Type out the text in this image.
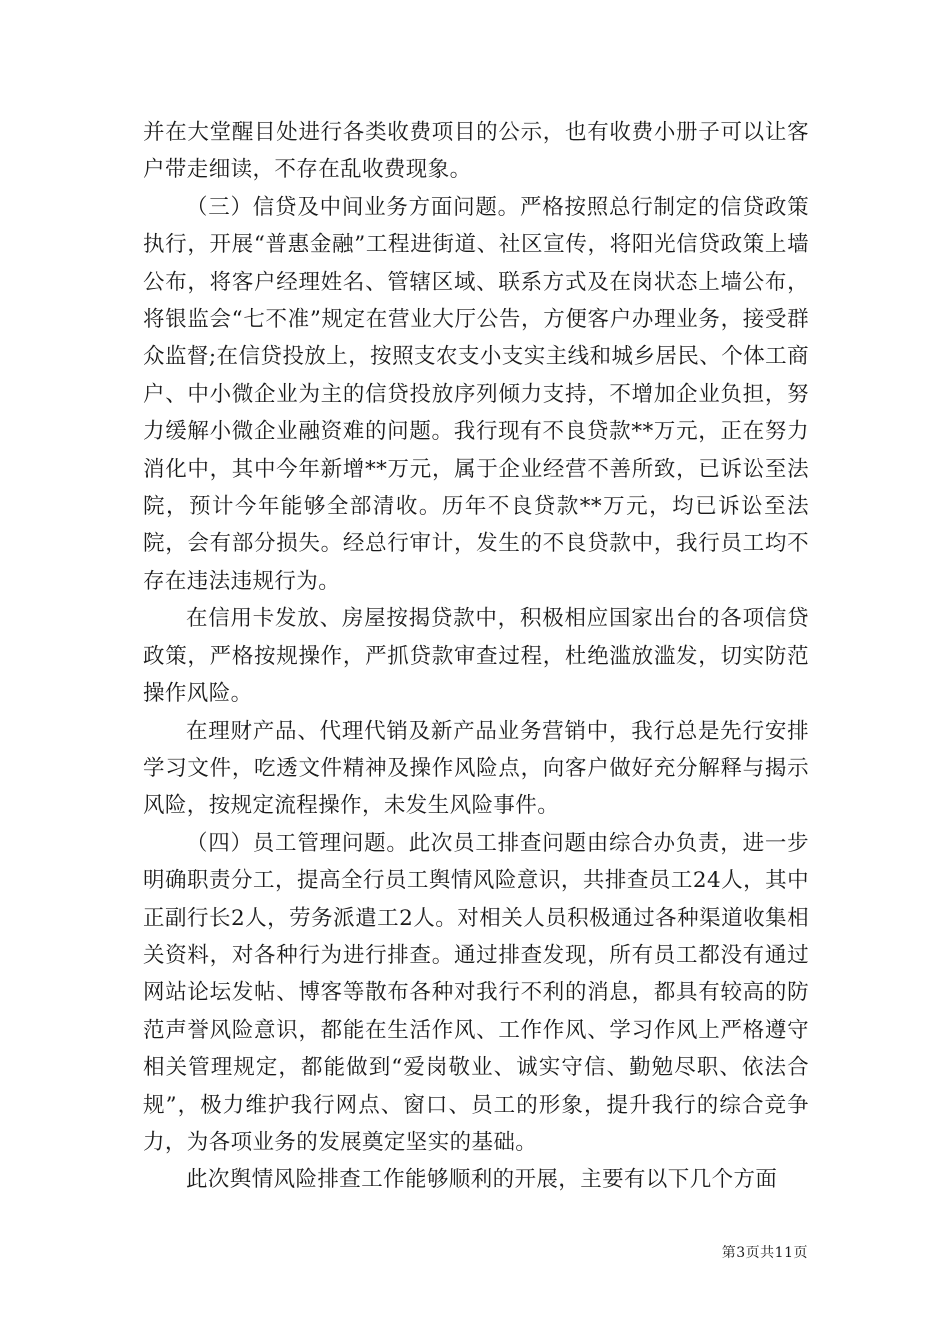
并在大堂醒目处进行各类收费项目的公示，也有收费小册子可以让客户带走细读，不存在乱收费现象。

（三）信贷及中间业务方面问题。严格按照总行制定的信贷政策执行，开展“普惠金融”工程进街道、社区宣传，将阳光信贷政策上墙公布，将客户经理姓名、管辖区域、联系方式及在岗状态上墙公布，将银监会“七不准”规定在营业大厅公告，方便客户办理业务，接受群众监督;在信贷投放上，按照支农支小支实主线和城乡居民、个体工商户、中小微企业为主的信贷投放序列倾力支持，不增加企业负担，努力缓解小微企业融资难的问题。我行现有不良贷款**万元，正在努力消化中，其中今年新增**万元，属于企业经营不善所致，已诉讼至法院，预计今年能够全部清收。历年不良贷款**万元，均已诉讼至法院，会有部分损失。经总行审计，发生的不良贷款中，我行员工均不存在违法违规行为。

在信用卡发放、房屋按揭贷款中，积极相应国家出台的各项信贷政策，严格按规操作，严抓贷款审查过程，杜绝滥放滥发，切实防范操作风险。

在理财产品、代理代销及新产品业务营销中，我行总是先行安排学习文件，吃透文件精神及操作风险点，向客户做好充分解释与揭示风险，按规定流程操作，未发生风险事件。

（四）员工管理问题。此次员工排查问题由综合办负责，进一步明确职责分工，提高全行员工舆情风险意识，共排查员工24人，其中正副行长2人，劳务派遣工2人。对相关人员积极通过各种渠道收集相关资料，对各种行为进行排查。通过排查发现，所有员工都没有通过网站论坛发帖、博客等散布各种对我行不利的消息，都具有较高的防范声誉风险意识，都能在生活作风、工作作风、学习作风上严格遵守相关管理规定，都能做到“爱岗敬业、诚实守信、勤勉尽职、依法合规”，极力维护我行网点、窗口、员工的形象，提升我行的综合竞争力，为各项业务的发展奠定坚实的基础。

此次舆情风险排查工作能够顺利的开展，主要有以下几个方面

第3页共11页
